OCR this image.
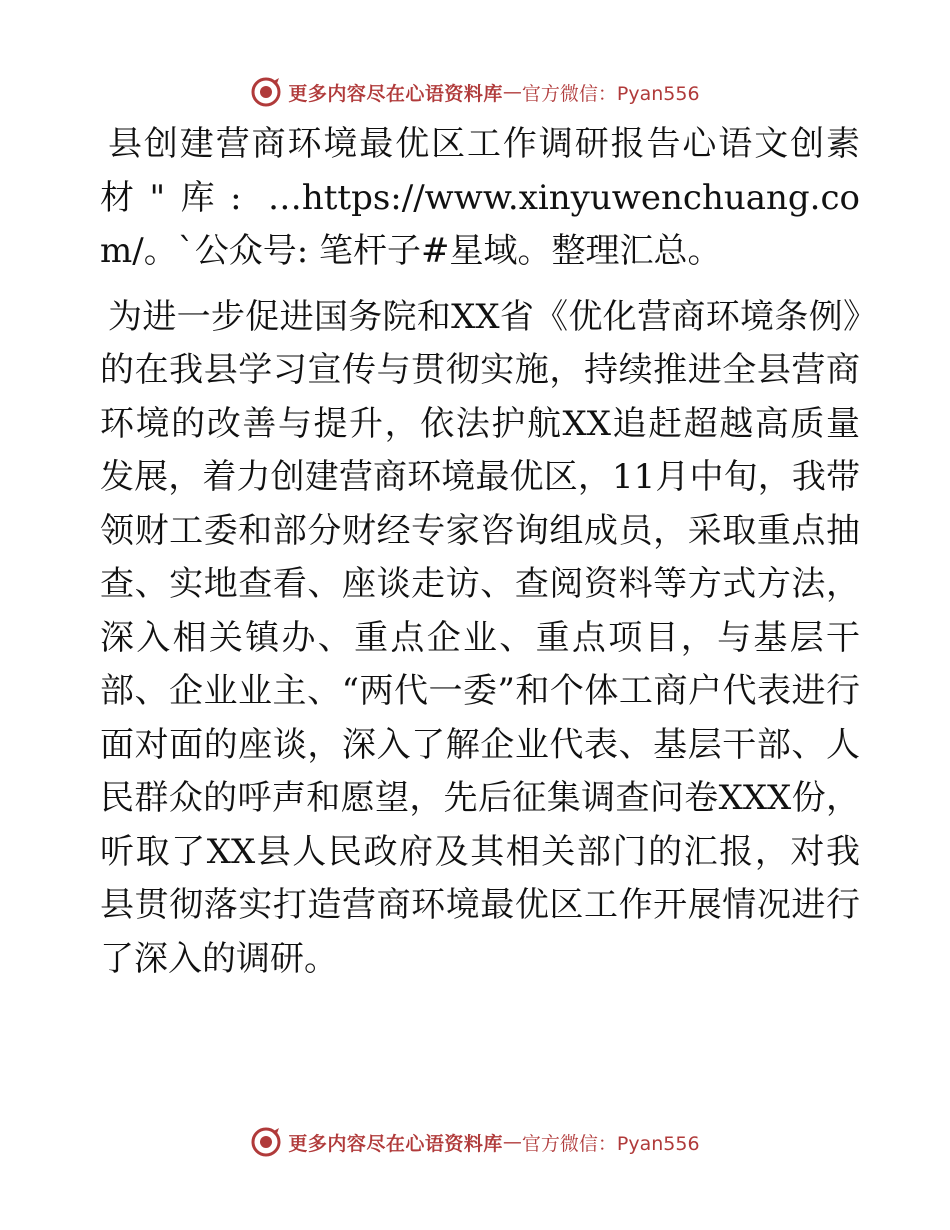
更多内容尽在心语资料库 — 官方微信：Pyan556

县创建营商环境最优区工作调研报告心语文创素材"库: …https://www.xinyuwenchuang.com/。`公众号: 笔杆子#星域。整理汇总。

为进一步促进国务院和XX省《优化营商环境条例》的在我县学习宣传与贯彻实施，持续推进全县营商环境的改善与提升，依法护航XX追赶超越高质量发展，着力创建营商环境最优区，11月中旬，我带领财工委和部分财经专家咨询组成员，采取重点抽查、实地查看、座谈走访、查阅资料等方式方法，深入相关镇办、重点企业、重点项目，与基层干部、企业业主、“两代一委”和个体工商户代表进行面对面的座谈，深入了解企业代表、基层干部、人民群众的呼声和愿望，先后征集调查问卷XXX份，听取了XX县人民政府及其相关部门的汇报，对我县贯彻落实打造营商环境最优区工作开展情况进行了深入的调研。

更多内容尽在心语资料库 — 官方微信：Pyan556
